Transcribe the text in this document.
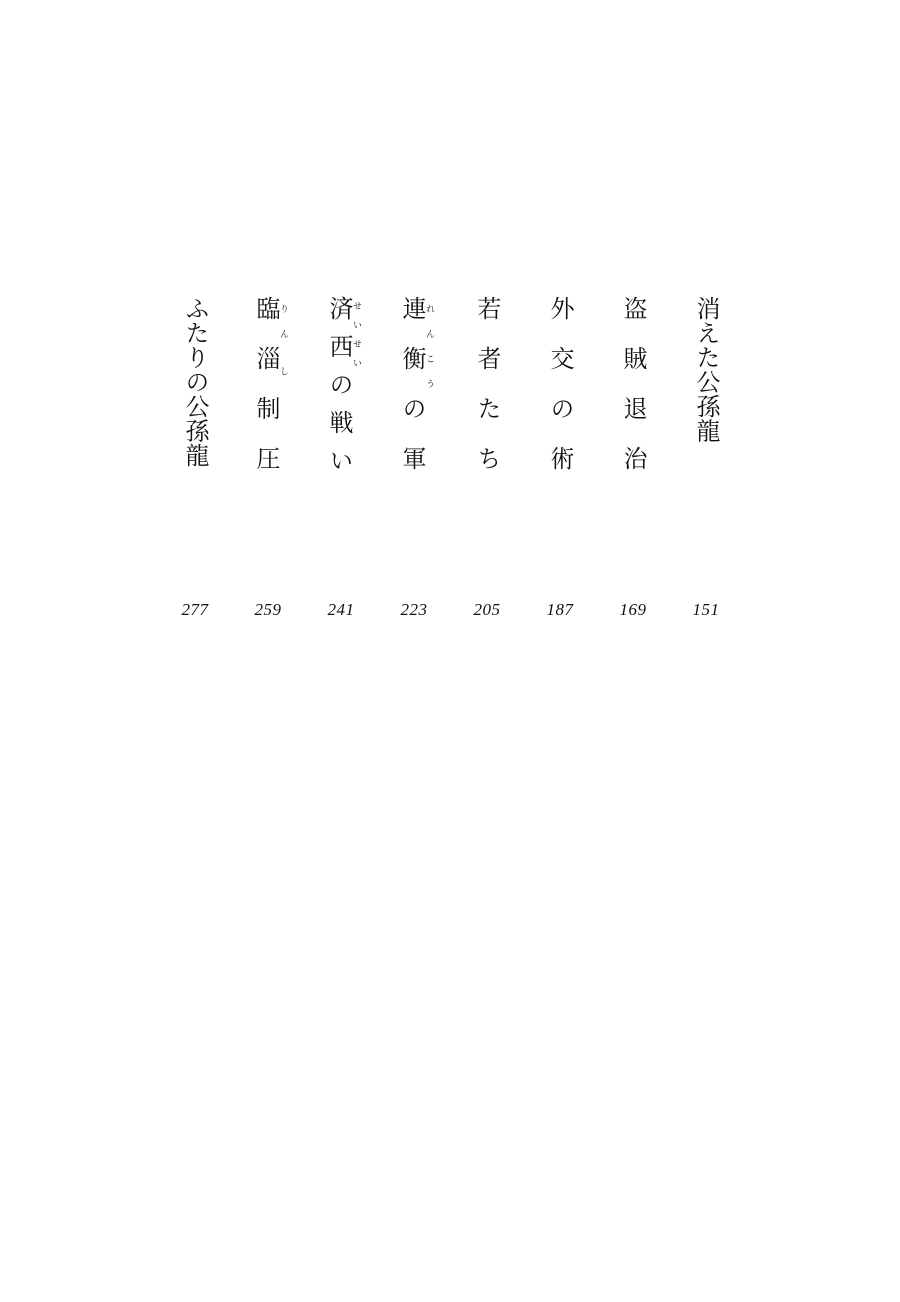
消えた公孫龍
151
盗賊退治
169
外交の術
187
若者たち
205
連れん衡こうの軍
223
済せい西せいの戦い
241
臨りん淄し制圧
259
ふたりの公孫龍
277
